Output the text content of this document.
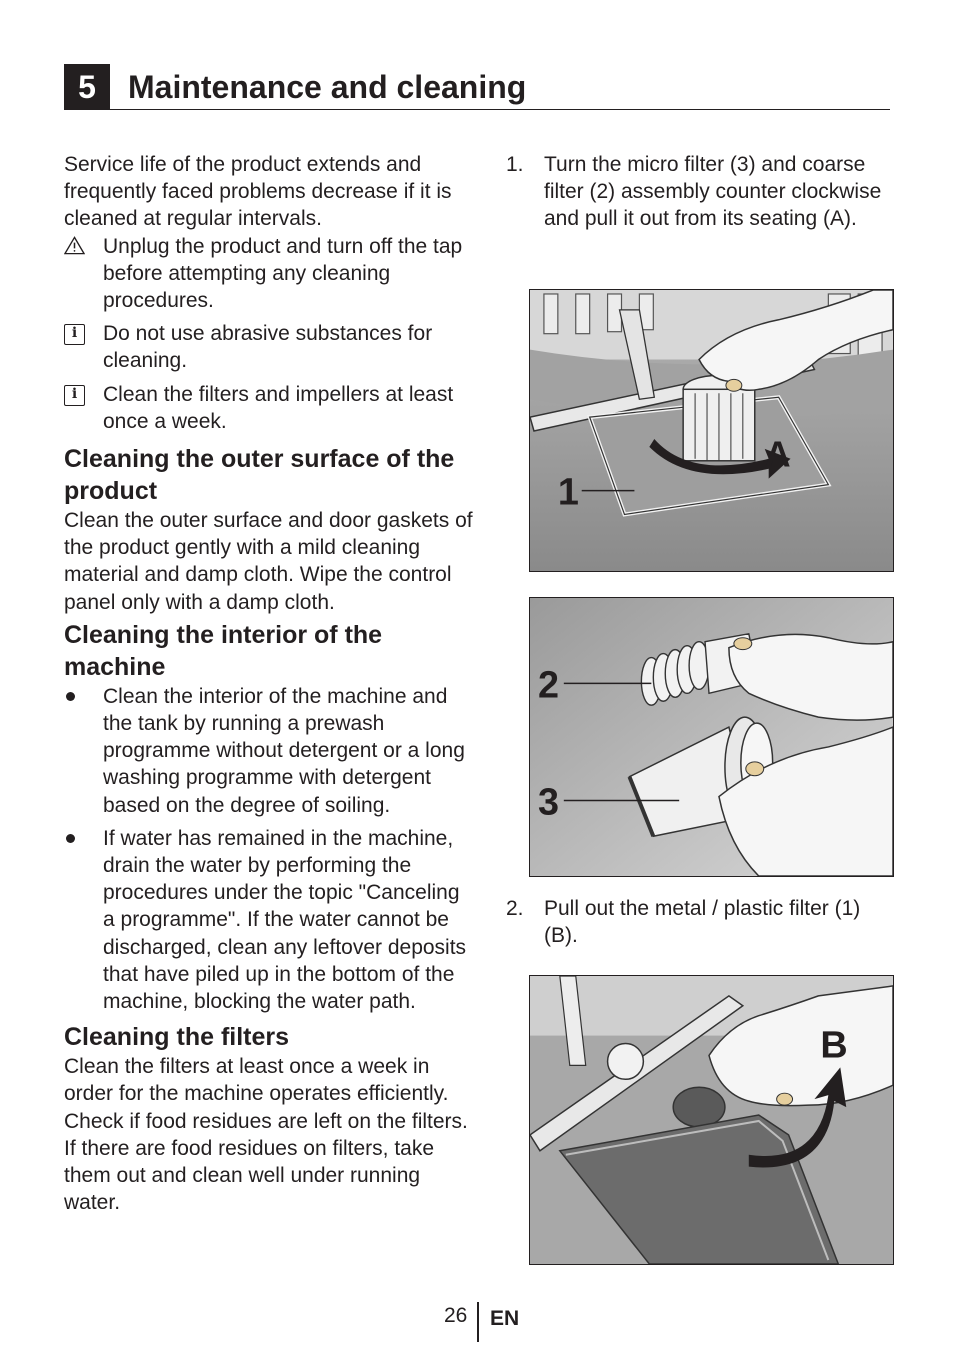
5	Maintenance and cleaning

Service life of the product extends and frequently faced problems decrease if it is cleaned at regular intervals.

Unplug the product and turn off the tap before attempting any cleaning procedures.
i	Do not use abrasive substances for cleaning.
i	Clean the filters and impellers at least once a week.
Cleaning the outer surface of the product

Clean the outer surface and door gaskets of the product gently with a mild cleaning material and damp cloth. Wipe the control panel only with a damp cloth.

Cleaning the interior of the machine
Clean the interior of the machine and the tank by running a prewash programme without detergent or a long washing programme with detergent based on the degree of soiling.
If water has remained in the machine, drain the water by performing the procedures under the topic "Canceling a programme". If the water cannot be discharged, clean any leftover deposits that have piled up in the bottom of the machine, blocking the water path.
Cleaning the filters

Clean the filters at least once a week in order for the machine operates efficiently. Check if food residues are left on the filters. If there are food residues on filters, take them out and clean well under running water.

1. Turn the micro filter (3) and coarse filter (2) assembly counter clockwise and pull it out from its seating (A).
2. Pull out the metal / plastic filter (1) (B).
1
A
2
3
B
26 EN
